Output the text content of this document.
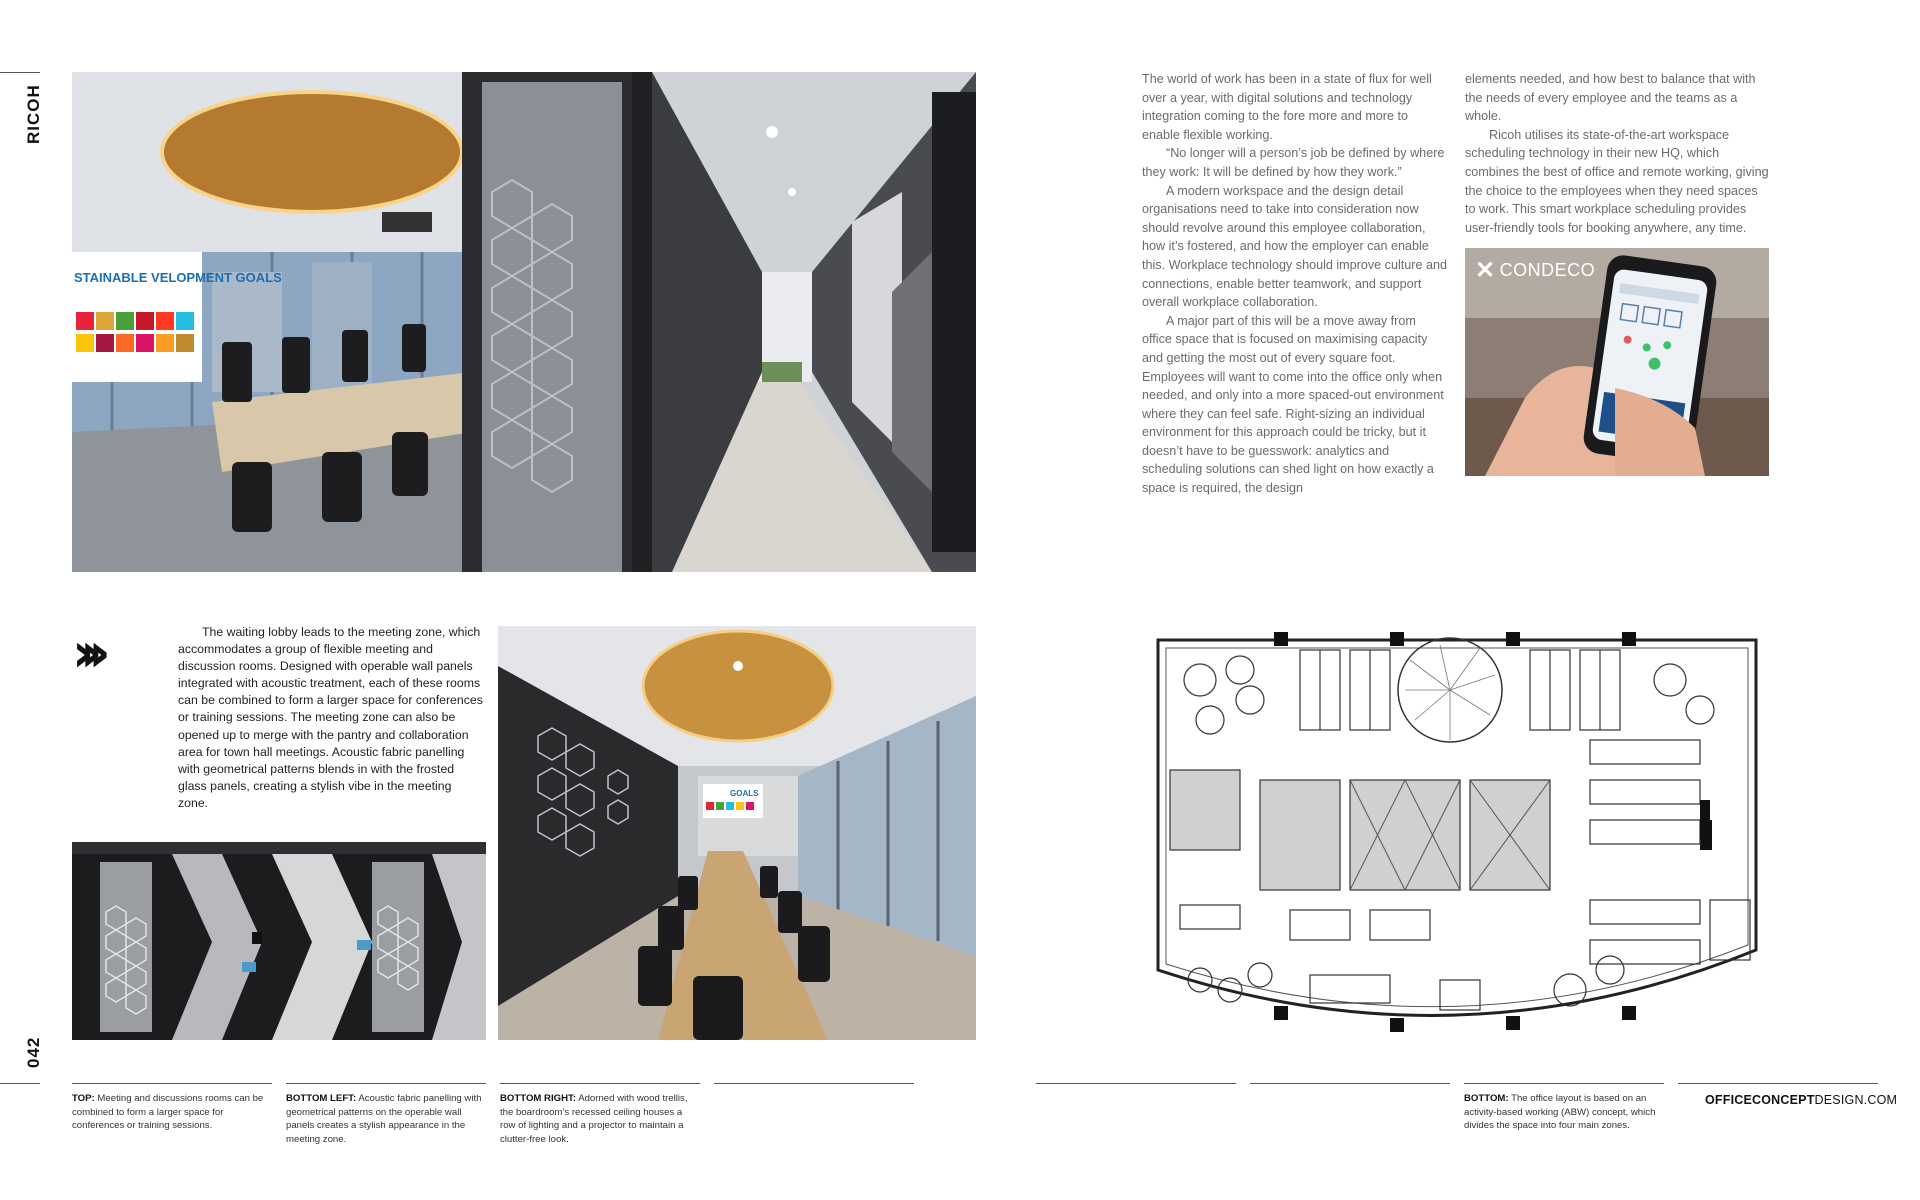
RICOH
042
STAINABLE VELOPMENT GOALS
›››	The waiting lobby leads to the meeting zone, which accommodates a group of flexible meeting and discussion rooms. Designed with operable wall panels integrated with acoustic treatment, each of these rooms can be combined to form a larger space for conferences or training sessions. The meeting zone can also be opened up to merge with the pantry and collaboration area for town hall meetings. Acoustic fabric panelling with geometrical patterns blends in with the frosted glass panels, creating a stylish vibe in the meeting zone.

GOALS

The world of work has been in a state of flux for well over a year, with digital solutions and technology integration coming to the fore more and more to enable flexible working.

“No longer will a person’s job be defined by where they work: It will be defined by how they work.”

A modern workspace and the design detail organisations need to take into consideration now should revolve around this employee collaboration, how it’s fostered, and how the employer can enable this. Workplace technology should improve culture and connections, enable better teamwork, and support overall workplace collaboration.

A major part of this will be a move away from office space that is focused on maximising capacity and getting the most out of every square foot. Employees will want to come into the office only when needed, and only into a more spaced-out environment where they can feel safe. Right-sizing an individual environment for this approach could be tricky, but it doesn’t have to be guesswork: analytics and scheduling solutions can shed light on how exactly a space is required, the design

elements needed, and how best to balance that with the needs of every employee and the teams as a whole.

Ricoh utilises its state-of-the-art workspace scheduling technology in their new HQ, which combines the best of office and remote working, giving the choice to the employees when they need spaces to work. This smart workplace scheduling provides user-friendly tools for booking anywhere, any time.

✕ CONDECO
TOP: Meeting and discussions rooms can be combined to form a larger space for conferences or training sessions.
BOTTOM LEFT: Acoustic fabric panelling with geometrical patterns on the operable wall panels creates a stylish appearance in the meeting zone.
BOTTOM RIGHT: Adorned with wood trellis, the boardroom’s recessed ceiling houses a row of lighting and a projector to maintain a clutter-free look.
BOTTOM: The office layout is based on an activity-based working (ABW) concept, which divides the space into four main zones.
OFFICECONCEPTDESIGN.COM
